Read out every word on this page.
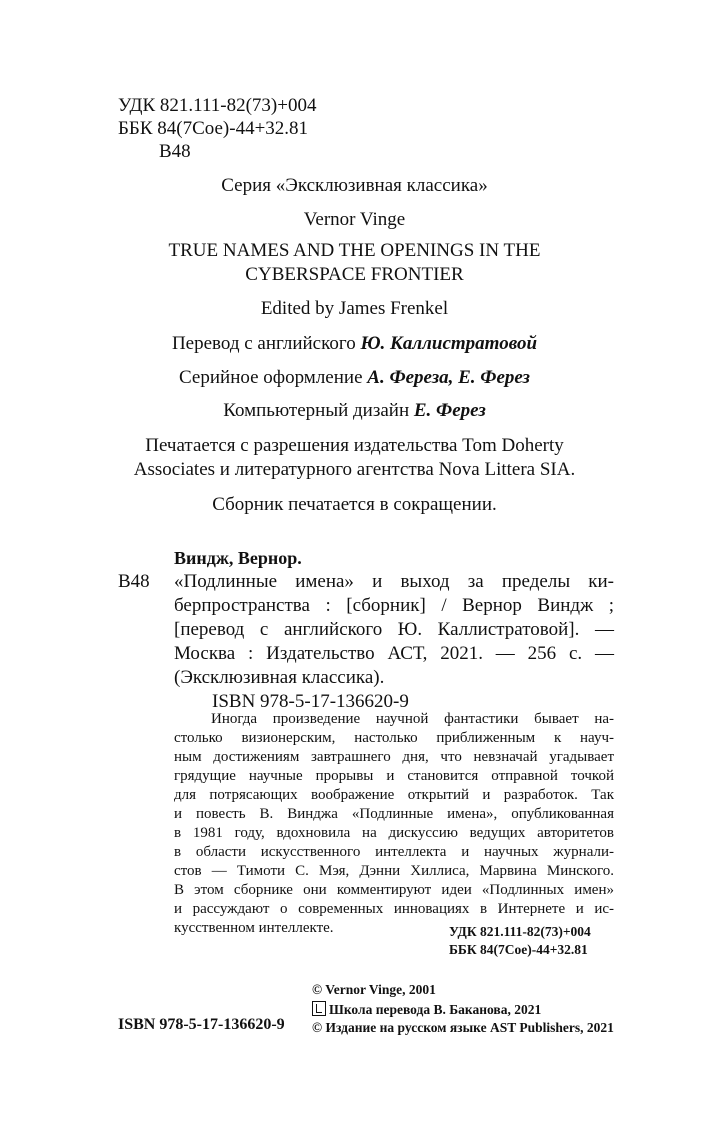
УДК 821.111-82(73)+004
ББК 84(7Сое)-44+32.81
В48
Серия «Эксклюзивная классика»
Vernor Vinge
TRUE NAMES AND THE OPENINGS IN THE
CYBERSPACE FRONTIER
Edited by James Frenkel
Перевод с английского Ю. Каллистратовой
Серийное оформление А. Фереза, Е. Ферез
Компьютерный дизайн Е. Ферез
Печатается с разрешения издательства Tom Doherty
Associates и литературного агентства Nova Littera SIA.
Сборник печатается в сокращении.
Виндж, Вернор.
В48 «Подлинные имена» и выход за пределы ки-
берпространства : [сборник] / Вернор Виндж ;
[перевод с английского Ю. Каллистратовой]. —
Москва : Издательство АСТ, 2021. — 256 с. —
(Эксклюзивная классика).
ISBN 978-5-17-136620-9
Иногда произведение научной фантастики бывает на-
столько визионерским, настолько приближенным к науч-
ным достижениям завтрашнего дня, что невзначай угадывает
грядущие научные прорывы и становится отправной точкой
для потрясающих воображение открытий и разработок. Так
и повесть В. Винджа «Подлинные имена», опубликованная
в 1981 году, вдохновила на дискуссию ведущих авторитетов
в области искусственного интеллекта и научных журнали-
стов — Тимоти С. Мэя, Дэнни Хиллиса, Марвина Минского.
В этом сборнике они комментируют идеи «Подлинных имен»
и рассуждают о современных инновациях в Интернете и ис-
кусственном интеллекте.	УДК 821.111-82(73)+004
ББК 84(7Сое)-44+32.81
© Vernor Vinge, 2001
Школа перевода В. Баканова, 2021
ISBN 978-5-17-136620-9 © Издание на русском языке AST Publishers, 2021
